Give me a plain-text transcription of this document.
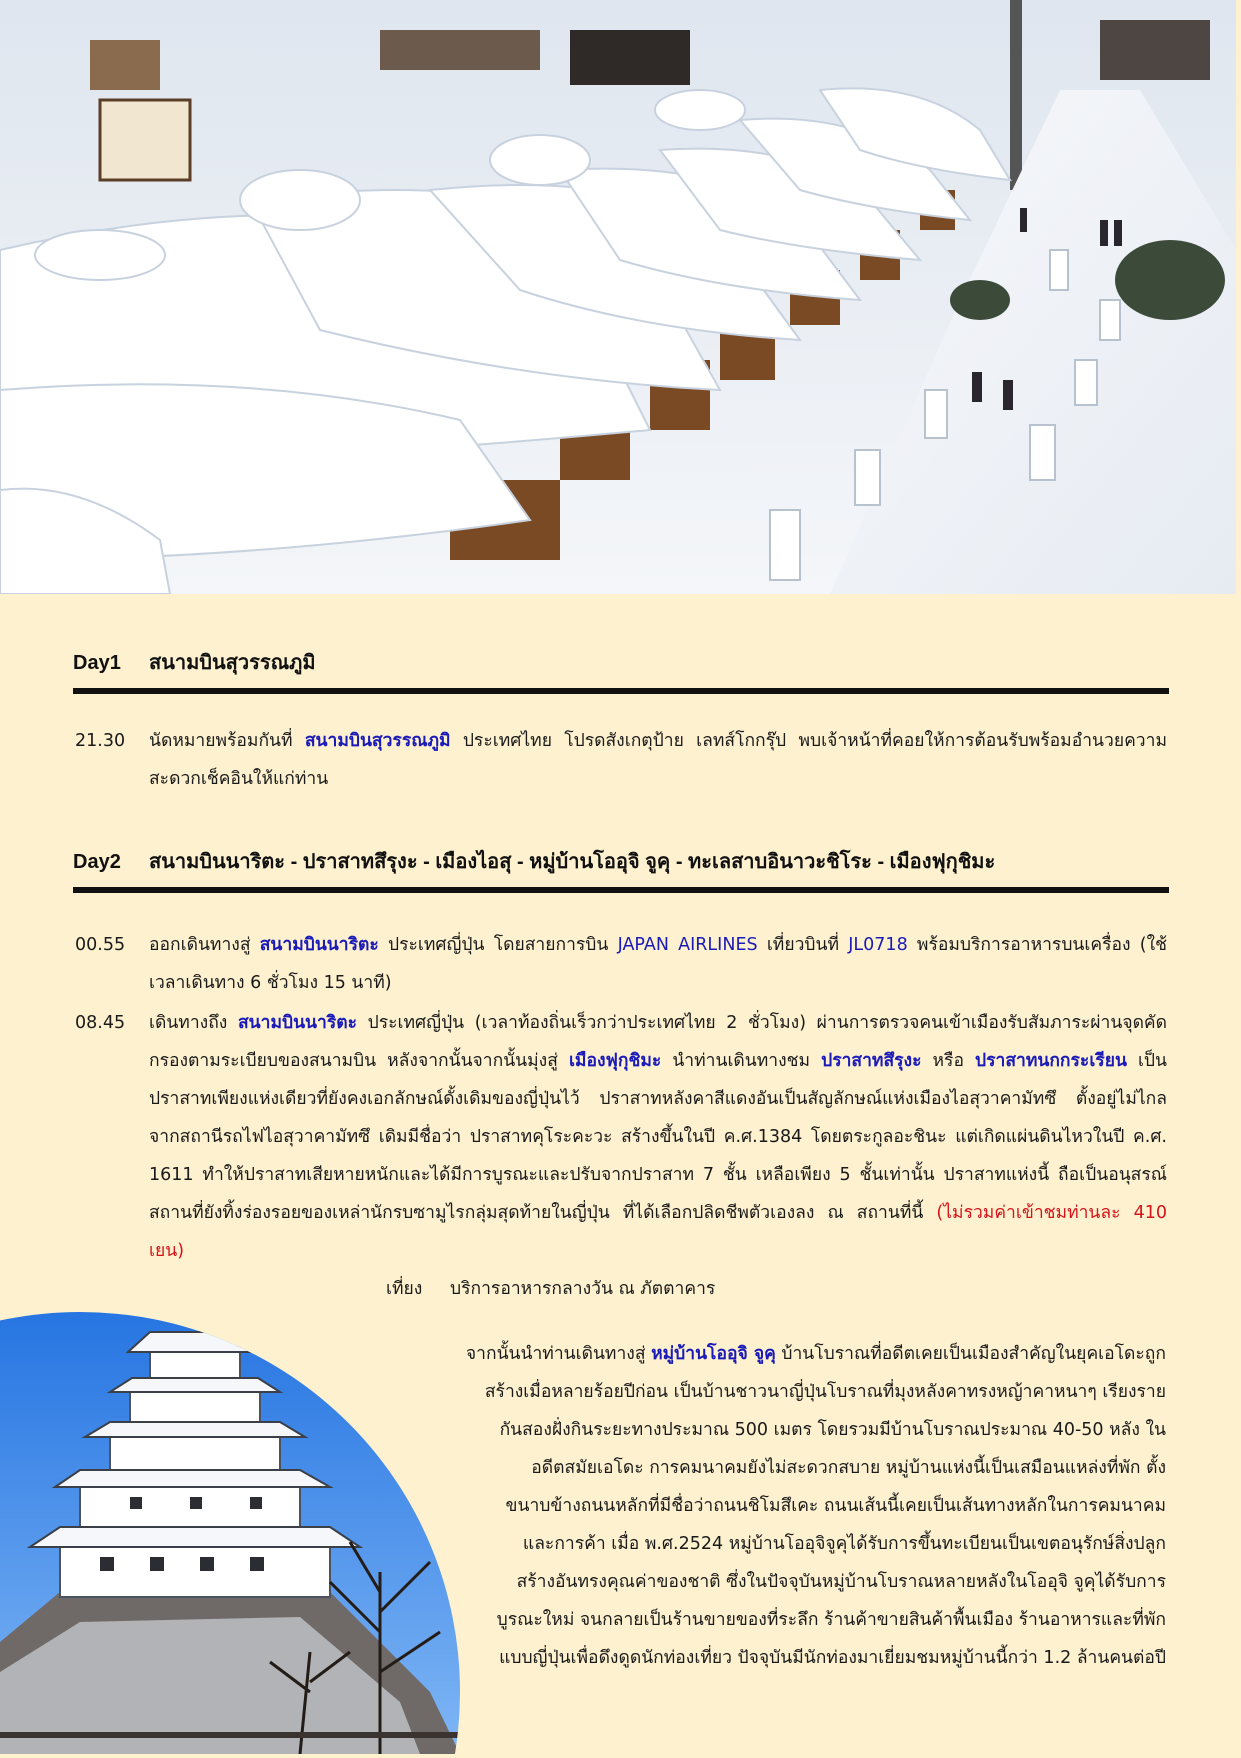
Day1 สนามบินสุวรรณภูมิ
21.30	นัดหมายพร้อมกันที่ สนามบินสุวรรณภูมิ ประเทศไทย โปรดสังเกตุป้าย เลทส์โกกรุ๊ป พบเจ้าหน้าที่คอยให้การต้อนรับพร้อมอำนวยความสะดวกเช็คอินให้แก่ท่าน
Day2 สนามบินนาริตะ - ปราสาทสึรุงะ - เมืองไอสุ - หมู่บ้านโออุจิ จูคุ - ทะเลสาบอินาวะชิโระ - เมืองฟุกุชิมะ
00.55	ออกเดินทางสู่ สนามบินนาริตะ ประเทศญี่ปุ่น โดยสายการบิน JAPAN AIRLINES เที่ยวบินที่ JL0718 พร้อมบริการอาหารบนเครื่อง (ใช้เวลาเดินทาง 6 ชั่วโมง 15 นาที)
08.45	เดินทางถึง สนามบินนาริตะ ประเทศญี่ปุ่น (เวลาท้องถิ่นเร็วกว่าประเทศไทย 2 ชั่วโมง) ผ่านการตรวจคนเข้าเมืองรับสัมภาระผ่านจุดคัดกรองตามระเบียบของสนามบิน หลังจากนั้นจากนั้นมุ่งสู่ เมืองฟุกุชิมะ นำท่านเดินทางชม ปราสาทสึรุงะ หรือ ปราสาทนกกระเรียน เป็นปราสาทเพียงแห่งเดียวที่ยังคงเอกลักษณ์ดั้งเดิมของญี่ปุ่นไว้ ปราสาทหลังคาสีแดงอันเป็นสัญลักษณ์แห่งเมืองไอสุวาคามัทซึ ตั้งอยู่ไม่ไกลจากสถานีรถไฟไอสุวาคามัทซึ เดิมมีชื่อว่า ปราสาทคุโระคะวะ สร้างขึ้นในปี ค.ศ.1384 โดยตระกูลอะชินะ แต่เกิดแผ่นดินไหวในปี ค.ศ. 1611 ทำให้ปราสาทเสียหายหนักและได้มีการบูรณะและปรับจากปราสาท 7 ชั้น เหลือเพียง 5 ชั้นเท่านั้น ปราสาทแห่งนี้ ถือเป็นอนุสรณ์สถานที่ยังทิ้งร่องรอยของเหล่านักรบซามูไรกลุ่มสุดท้ายในญี่ปุ่น ที่ได้เลือกปลิดชีพตัวเองลง ณ สถานที่นี้ (ไม่รวมค่าเข้าชมท่านละ 410 เยน)
เที่ยง บริการอาหารกลางวัน ณ ภัตตาคาร
จากนั้นนำท่านเดินทางสู่ หมู่บ้านโออุจิ จูคุ บ้านโบราณที่อดีตเคยเป็นเมืองสำคัญในยุคเอโดะถูก
สร้างเมื่อหลายร้อยปีก่อน เป็นบ้านชาวนาญี่ปุ่นโบราณที่มุงหลังคาทรงหญ้าคาหนาๆ เรียงราย
กันสองฝั่งกินระยะทางประมาณ 500 เมตร โดยรวมมีบ้านโบราณประมาณ 40-50 หลัง ใน
อดีตสมัยเอโดะ การคมนาคมยังไม่สะดวกสบาย หมู่บ้านแห่งนี้เป็นเสมือนแหล่งที่พัก ตั้ง
ขนาบข้างถนนหลักที่มีชื่อว่าถนนชิโมสึเคะ ถนนเส้นนี้เคยเป็นเส้นทางหลักในการคมนาคม
และการค้า เมื่อ พ.ศ.2524 หมู่บ้านโออุจิจูคุได้รับการขึ้นทะเบียนเป็นเขตอนุรักษ์สิ่งปลูก
สร้างอันทรงคุณค่าของชาติ ซึ่งในปัจจุบันหมู่บ้านโบราณหลายหลังในโออุจิ จูคุได้รับการ
บูรณะใหม่ จนกลายเป็นร้านขายของที่ระลึก ร้านค้าขายสินค้าพื้นเมือง ร้านอาหารและที่พัก
แบบญี่ปุ่นเพื่อดึงดูดนักท่องเที่ยว ปัจจุบันมีนักท่องมาเยี่ยมชมหมู่บ้านนี้กว่า 1.2 ล้านคนต่อปี
